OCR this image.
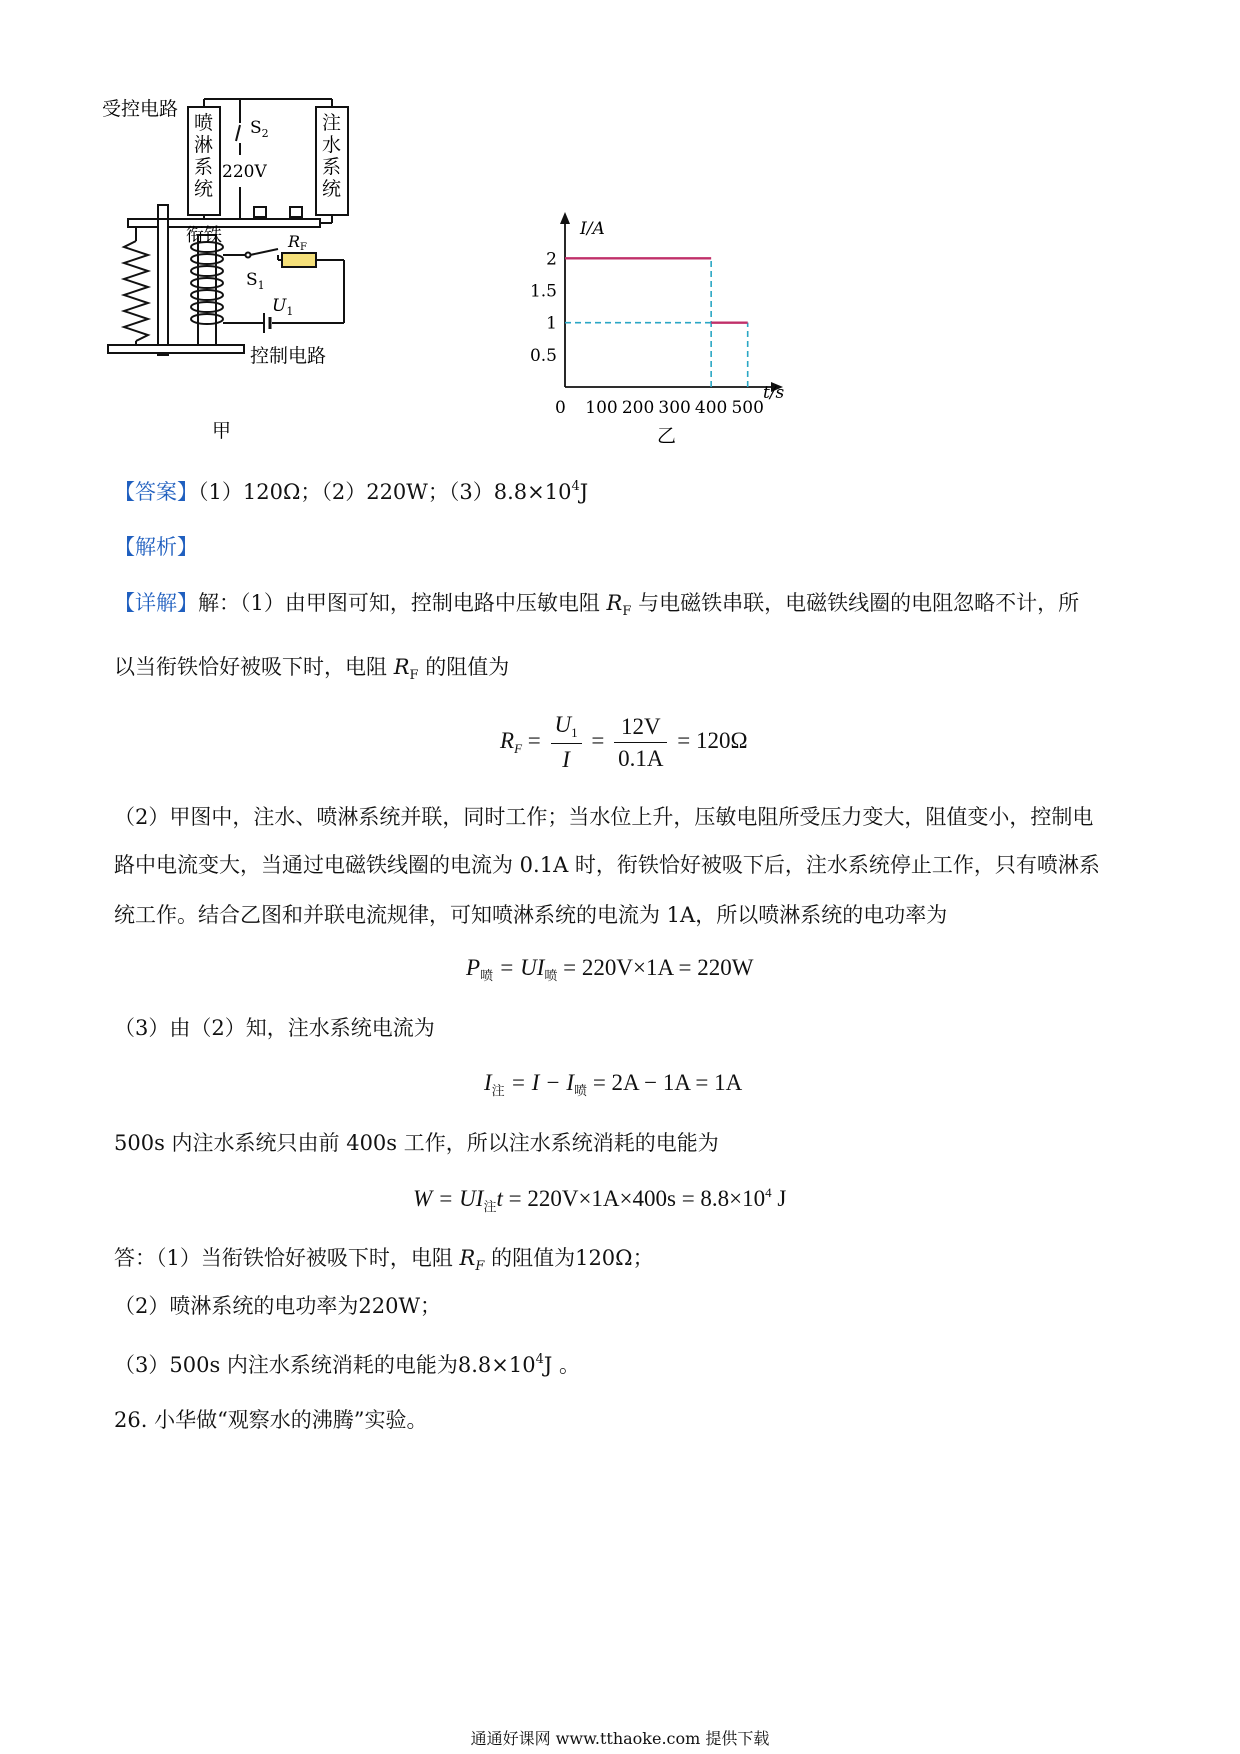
受控电路
喷
淋
系
统
注
水
系
统
$S_2$
220V
衔铁	RF
$S_1$
$U_1$
控制电路
甲
0 100 200 300 400 500
0.5
1
1.5
2
I/A
t/s
乙
【答案】（1）120Ω；（2）220W；$(3)8.8\times 10^4J$
【解析】
【详解】解：（1）由甲图可知，控制电路中压敏电阻 $R_F$ 与电磁铁串联，电磁铁线圈的电阻忽略不计，所
以当衔铁恰好被吸下时，电阻 $R_F$ 的阻值为
$R_F = \frac{U_1}{I} = \frac{12V}{0.1A} = 120\Omega$
（2）甲图中，注水、喷淋系统并联，同时工作；当水位上升，压敏电阻所受压力变大，阻值变小，控制电
路中电流变大，当通过电磁铁线圈的电流为 0.1A 时，衔铁恰好被吸下后，注水系统停止工作，只有喷淋系
统工作。结合乙图和并联电流规律，可知喷淋系统的电流为 1A，所以喷淋系统的电功率为
$P_喷 = UI_喷 = 220V\times 1A = 220W$
（3）由（2）知，注水系统电流为
$I_注 = I - I_喷 = 2A - 1A = 1A$
500s 内注水系统只由前 400s 工作，所以注水系统消耗的电能为
$W = UI_注t = 220V\times 1A\times 400s = 8.8\times 10^4$ J
答：（1）当衔铁恰好被吸下时，电阻 $R_F$ 的阻值为120Ω；
（2）喷淋系统的电功率为220W；
（3）500s 内注水系统消耗的电能为$8.8\times 10^4J$ 。
26. 小华做“观察水的沸腾”实验。
通通好课网 www.tthaoke.com 提供下载
